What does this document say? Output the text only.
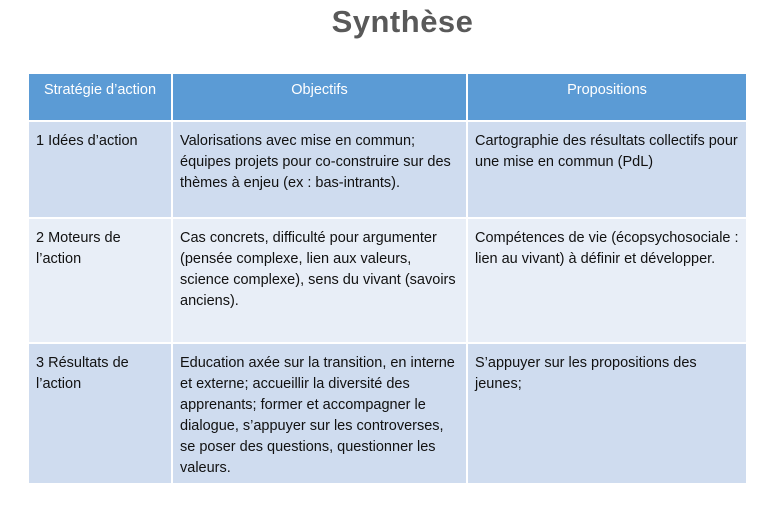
Synthèse
Stratégie d’action	Objectifs	Propositions
1 Idées d’action	Valorisations avec mise en commun; équipes projets pour co-construire sur des thèmes à enjeu (ex : bas-intrants).	Cartographie des résultats collectifs pour une mise en commun (PdL)
2 Moteurs de l’action	Cas concrets, difficulté pour argumenter (pensée complexe, lien aux valeurs, science complexe), sens du vivant (savoirs anciens).	Compétences de vie (écopsychosociale : lien au vivant) à définir et développer.
3 Résultats de l’action	Education axée sur la transition, en interne et externe; accueillir la diversité des apprenants; former et accompagner le dialogue, s’appuyer sur les controverses, se poser des questions, questionner les valeurs.	S’appuyer sur les propositions des jeunes;
